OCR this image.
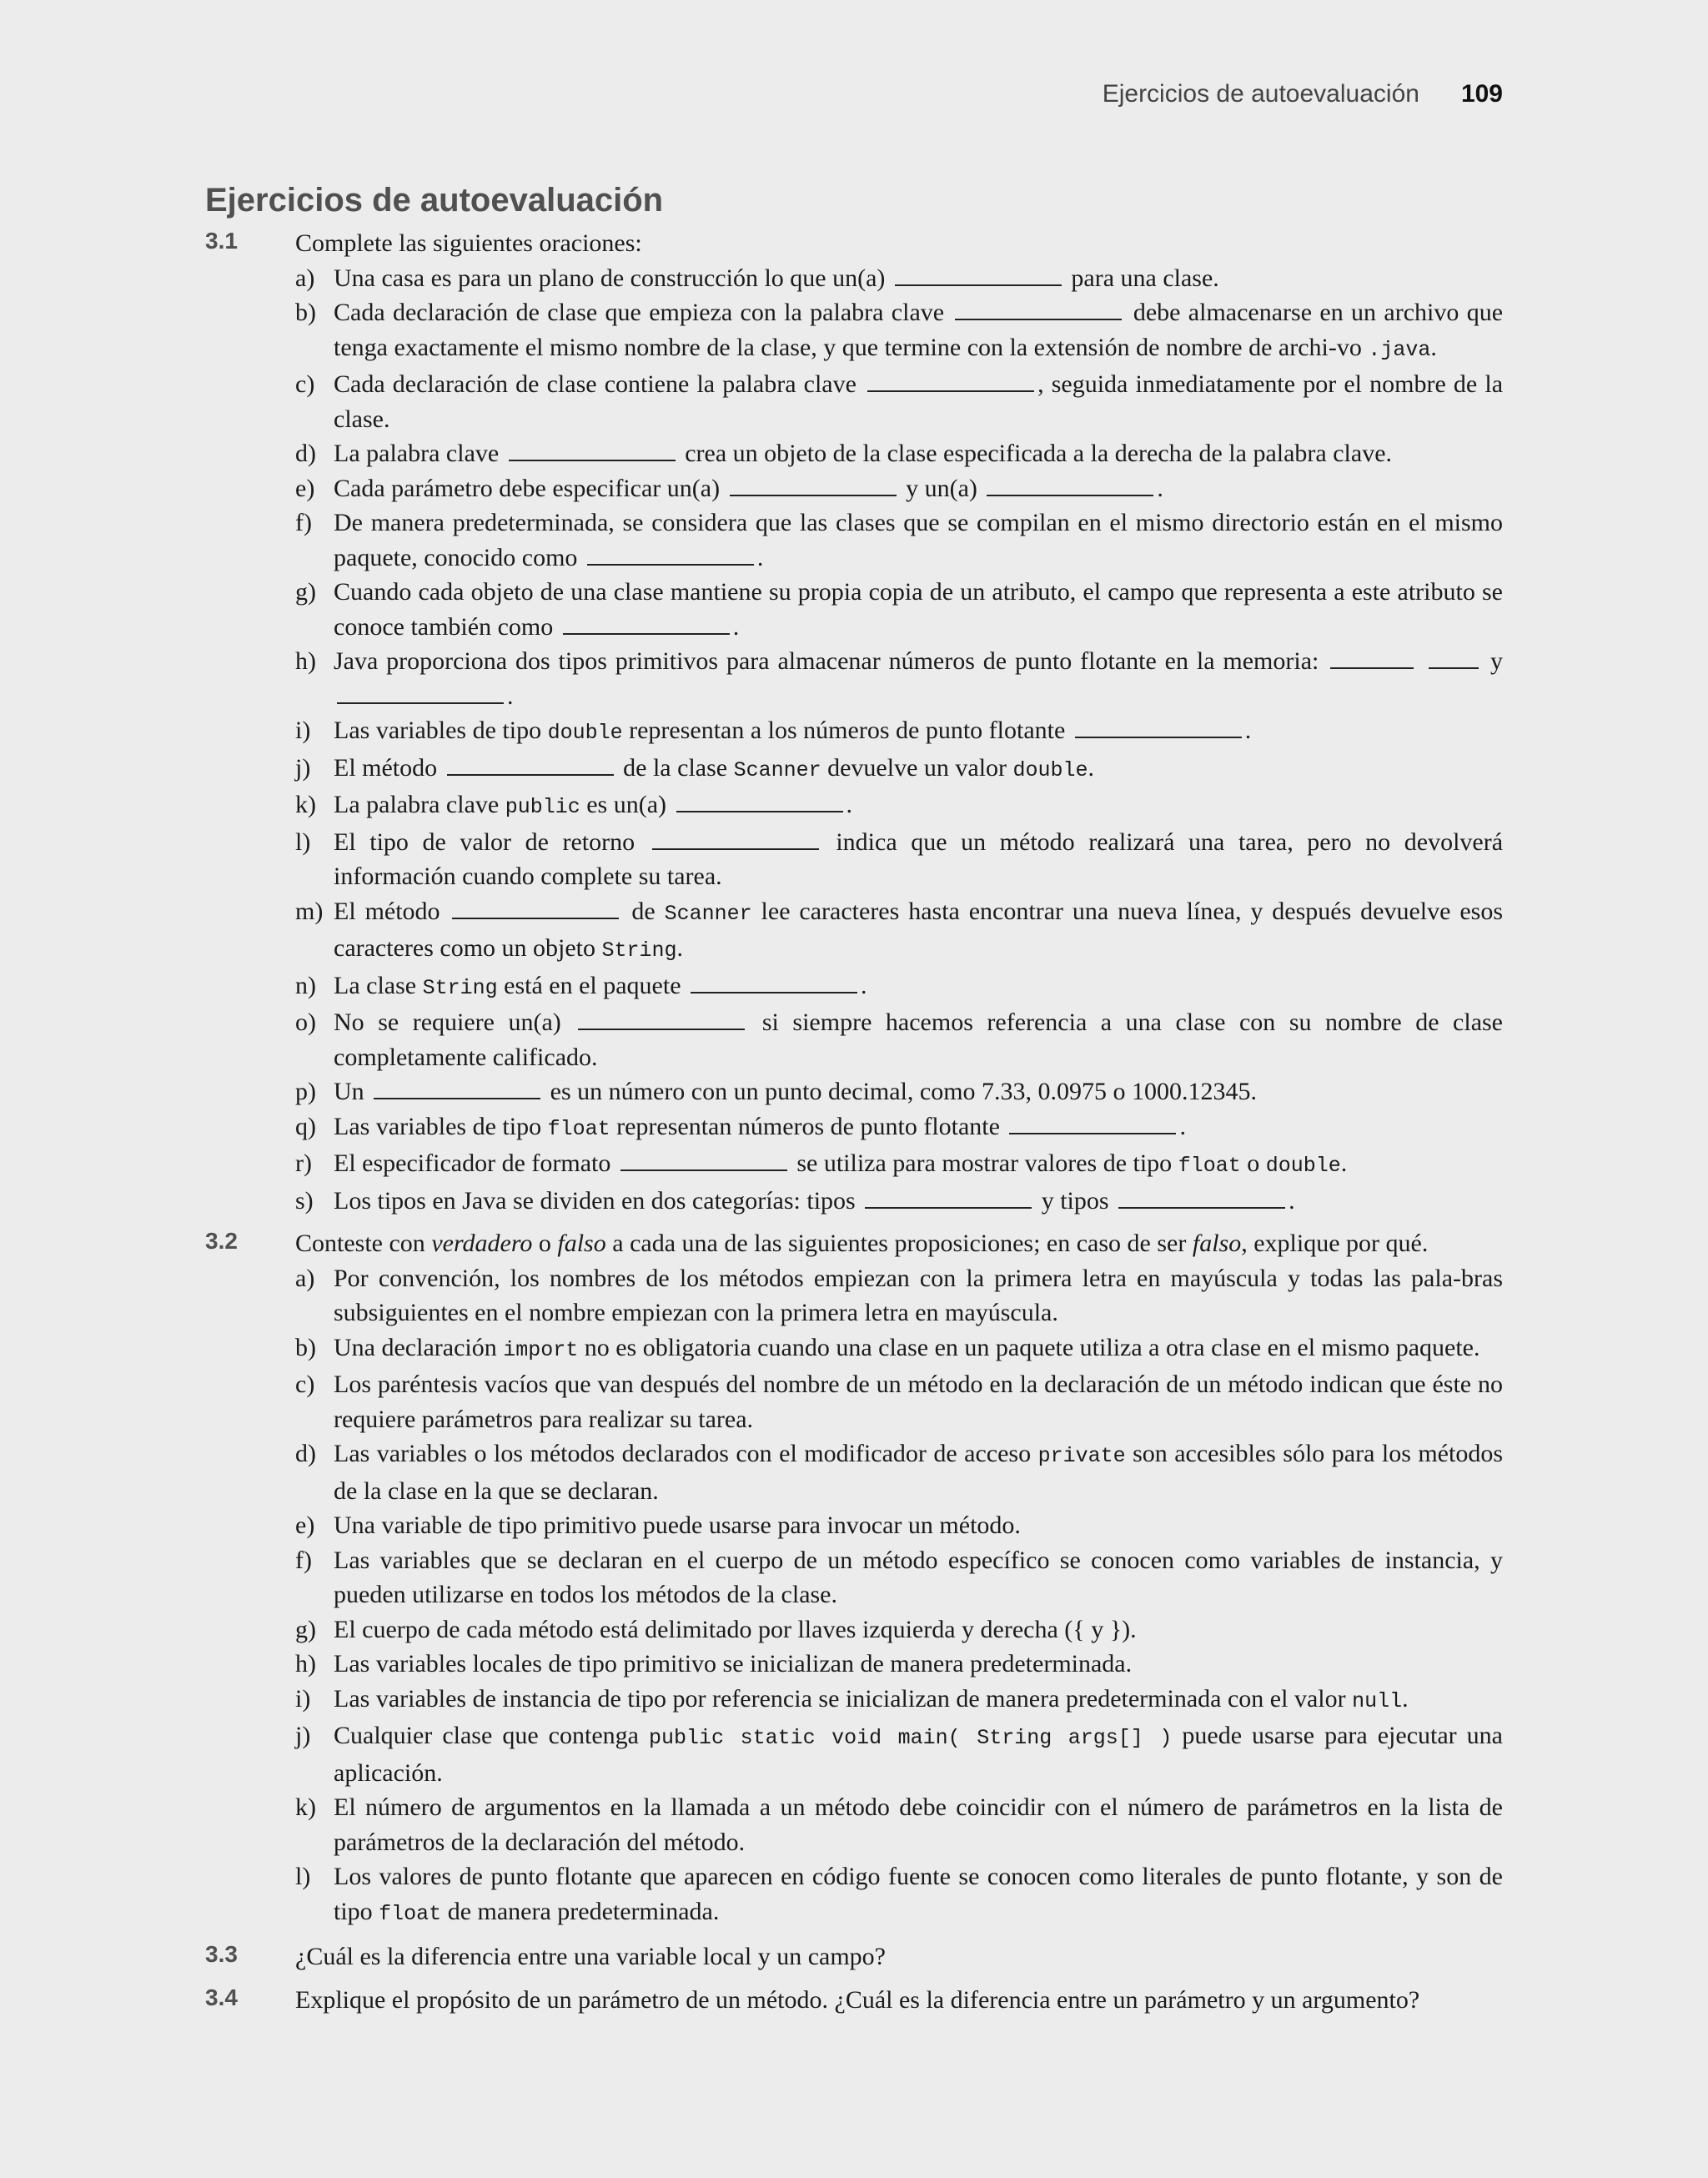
Ejercicios de autoevaluación 109
Ejercicios de autoevaluación
3.1	Complete las siguientes oraciones:
a) Una casa es para un plano de construcción lo que un(a)	para una clase.
b) Cada declaración de clase que empieza con la palabra clave	debe almacenarse en un archivo que tenga exactamente el mismo nombre de la clase, y que termine con la extensión de nombre de archi-vo .java.
c) Cada declaración de clase contiene la palabra clave	, seguida inmediatamente por el nombre de la clase.
d) La palabra clave	crea un objeto de la clase especificada a la derecha de la palabra clave.
e) Cada parámetro debe especificar un(a)	y un(a)	.
f) De manera predeterminada, se considera que las clases que se compilan en el mismo directorio están en el mismo paquete, conocido como	.
g) Cuando cada objeto de una clase mantiene su propia copia de un atributo, el campo que representa a este atributo se conoce también como	.
h) Java proporciona dos tipos primitivos para almacenar números de punto flotante en la memoria:	y .
i) Las variables de tipo double representan a los números de punto flotante	.
j) El método	de la clase Scanner devuelve un valor double.
k) La palabra clave public es un(a)	.
l) El tipo de valor de retorno	indica que un método realizará una tarea, pero no devolverá información cuando complete su tarea.
m) El método	de Scanner lee caracteres hasta encontrar una nueva línea, y después devuelve esos caracteres como un objeto String.
n) La clase String está en el paquete	.
o) No se requiere un(a)	si siempre hacemos referencia a una clase con su nombre de clase completamente calificado.
p) Un	es un número con un punto decimal, como 7.33, 0.0975 o 1000.12345.
q) Las variables de tipo float representan números de punto flotante	.
r) El especificador de formato	se utiliza para mostrar valores de tipo float o double.
s) Los tipos en Java se dividen en dos categorías: tipos	y tipos	.
3.2	Conteste con verdadero o falso a cada una de las siguientes proposiciones; en caso de ser falso, explique por qué.
a) Por convención, los nombres de los métodos empiezan con la primera letra en mayúscula y todas las pala-bras subsiguientes en el nombre empiezan con la primera letra en mayúscula.
b) Una declaración import no es obligatoria cuando una clase en un paquete utiliza a otra clase en el mismo paquete.
c) Los paréntesis vacíos que van después del nombre de un método en la declaración de un método indican que éste no requiere parámetros para realizar su tarea.
d) Las variables o los métodos declarados con el modificador de acceso private son accesibles sólo para los métodos de la clase en la que se declaran.
e) Una variable de tipo primitivo puede usarse para invocar un método.
f) Las variables que se declaran en el cuerpo de un método específico se conocen como variables de instancia, y pueden utilizarse en todos los métodos de la clase.
g) El cuerpo de cada método está delimitado por llaves izquierda y derecha ({ y }).
h) Las variables locales de tipo primitivo se inicializan de manera predeterminada.
i) Las variables de instancia de tipo por referencia se inicializan de manera predeterminada con el valor null.
j) Cualquier clase que contenga public static void main( String args[] ) puede usarse para ejecutar una aplicación.
k) El número de argumentos en la llamada a un método debe coincidir con el número de parámetros en la lista de parámetros de la declaración del método.
l) Los valores de punto flotante que aparecen en código fuente se conocen como literales de punto flotante, y son de tipo float de manera predeterminada.
3.3	¿Cuál es la diferencia entre una variable local y un campo?
3.4	Explique el propósito de un parámetro de un método. ¿Cuál es la diferencia entre un parámetro y un argumento?
